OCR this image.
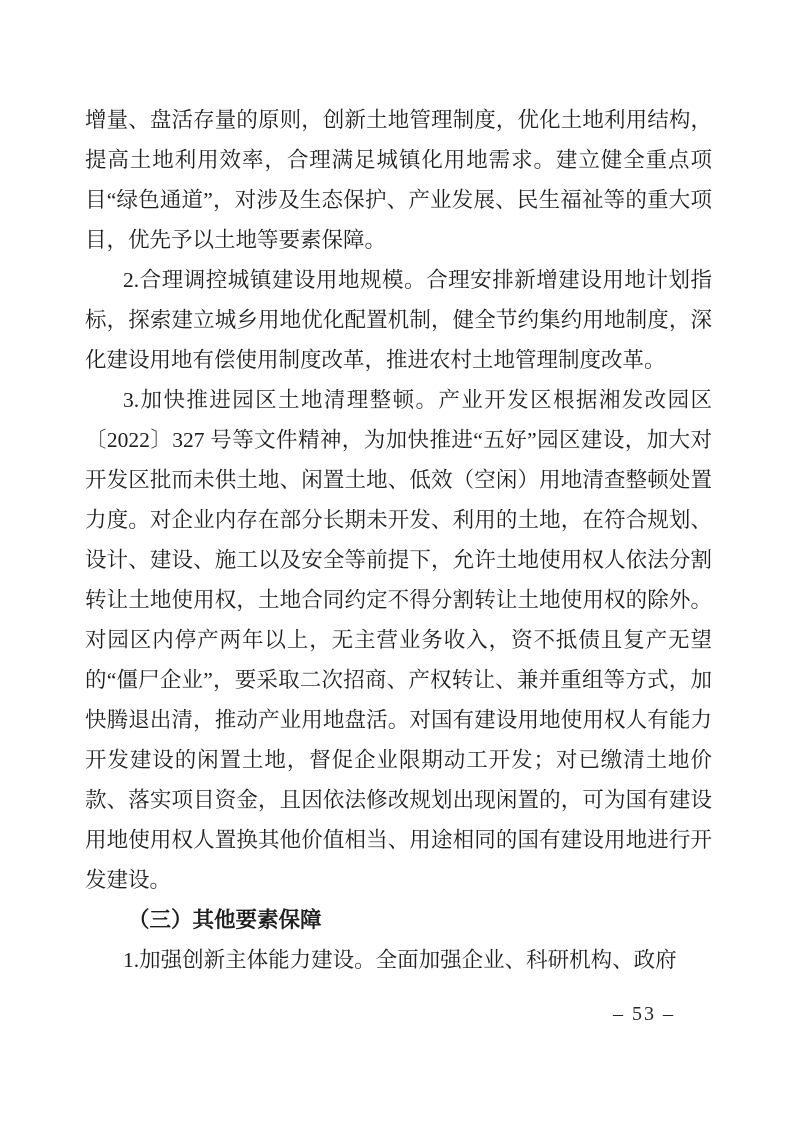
增量、盘活存量的原则，创新土地管理制度，优化土地利用结构，提高土地利用效率，合理满足城镇化用地需求。建立健全重点项目“绿色通道”，对涉及生态保护、产业发展、民生福祉等的重大项目，优先予以土地等要素保障。

2.合理调控城镇建设用地规模。合理安排新增建设用地计划指标，探索建立城乡用地优化配置机制，健全节约集约用地制度，深化建设用地有偿使用制度改革，推进农村土地管理制度改革。

3.加快推进园区土地清理整顿。产业开发区根据湘发改园区〔2022〕327 号等文件精神，为加快推进“五好”园区建设，加大对开发区批而未供土地、闲置土地、低效（空闲）用地清查整顿处置力度。对企业内存在部分长期未开发、利用的土地，在符合规划、设计、建设、施工以及安全等前提下，允许土地使用权人依法分割转让土地使用权，土地合同约定不得分割转让土地使用权的除外。对园区内停产两年以上，无主营业务收入，资不抵债且复产无望的“僵尸企业”，要采取二次招商、产权转让、兼并重组等方式，加快腾退出清，推动产业用地盘活。对国有建设用地使用权人有能力开发建设的闲置土地，督促企业限期动工开发；对已缴清土地价款、落实项目资金，且因依法修改规划出现闲置的，可为国有建设用地使用权人置换其他价值相当、用途相同的国有建设用地进行开发建设。

（三）其他要素保障

1.加强创新主体能力建设。全面加强企业、科研机构、政府

– 53 –
